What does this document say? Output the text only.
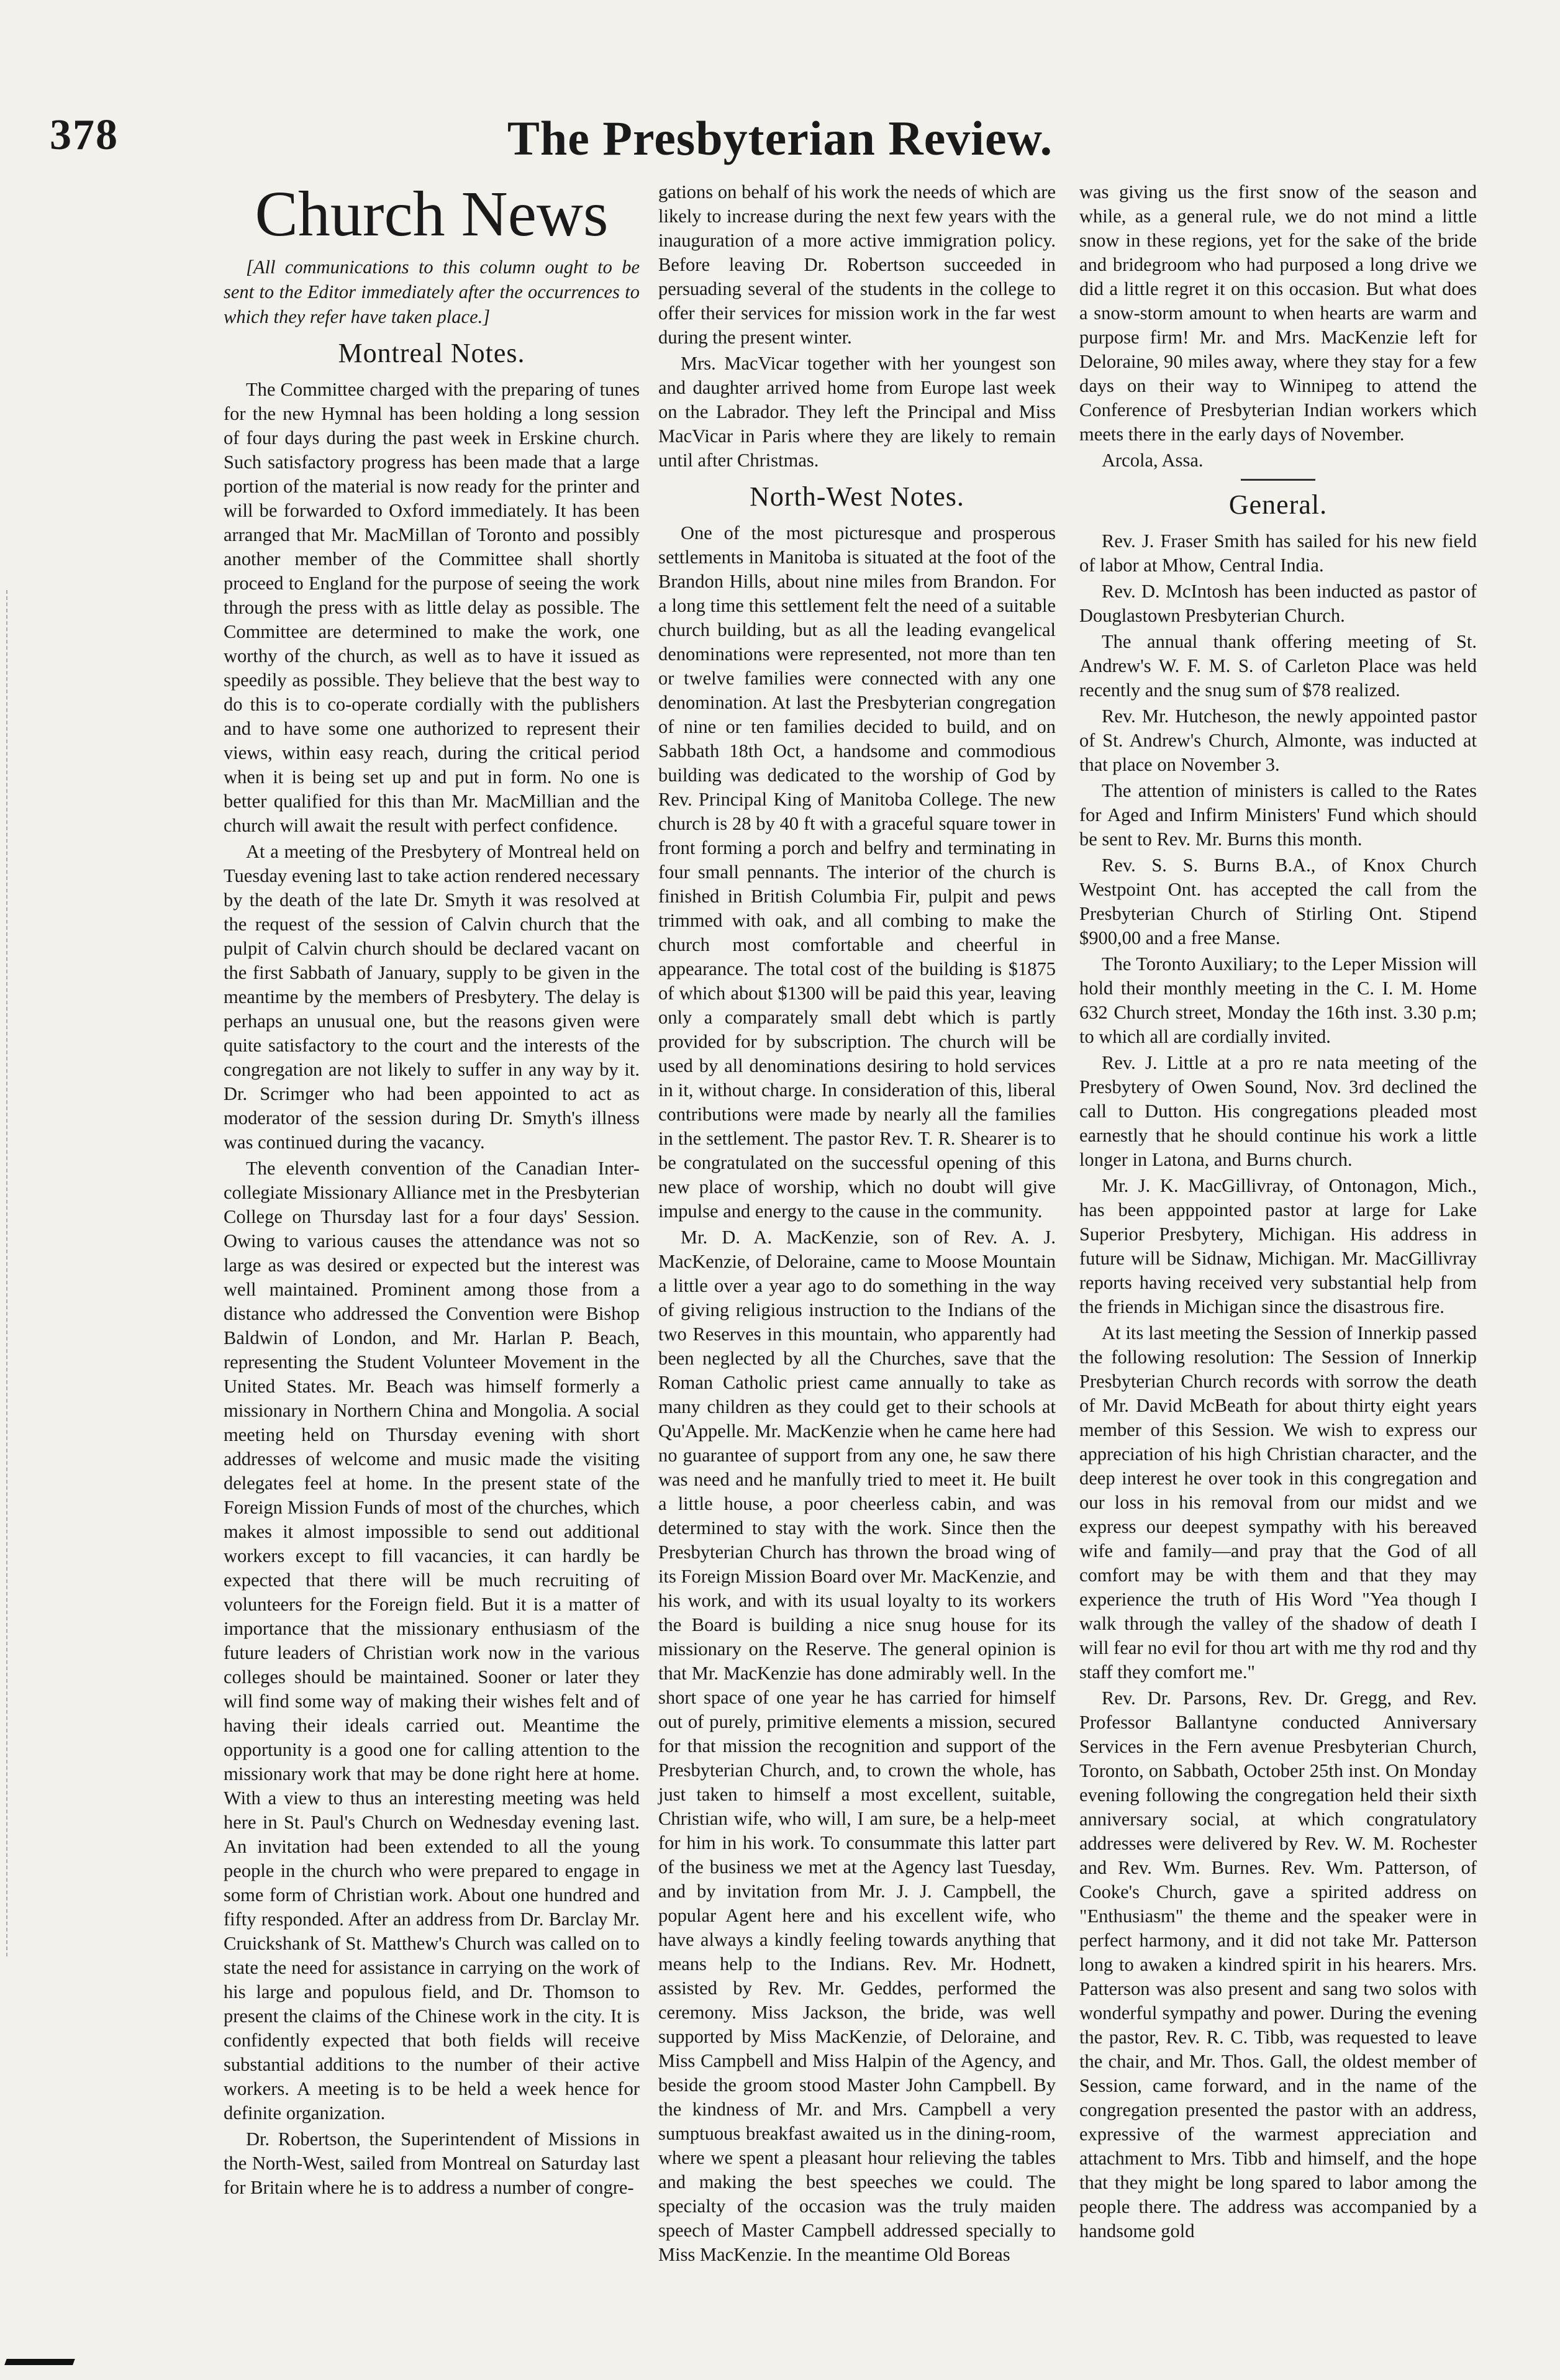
378	The Presbyterian Review.
Church News

[All communications to this column ought to be sent to the Editor immediately after the occurrences to which they refer have taken place.]

Montreal Notes.

The Committee charged with the preparing of tunes for the new Hymnal has been holding a long session of four days during the past week in Erskine church. Such satisfactory progress has been made that a large portion of the material is now ready for the printer and will be forwarded to Oxford immediately. It has been arranged that Mr. MacMillan of Toronto and possibly another member of the Committee shall shortly proceed to England for the purpose of seeing the work through the press with as little delay as possible. The Committee are determined to make the work, one worthy of the church, as well as to have it issued as speedily as possible. They believe that the best way to do this is to co-operate cordially with the publishers and to have some one authorized to represent their views, within easy reach, during the critical period when it is being set up and put in form. No one is better qualified for this than Mr. MacMillian and the church will await the result with perfect confidence.

At a meeting of the Presbytery of Montreal held on Tuesday evening last to take action rendered necessary by the death of the late Dr. Smyth it was resolved at the request of the session of Calvin church that the pulpit of Calvin church should be declared vacant on the first Sabbath of January, supply to be given in the meantime by the members of Presbytery. The delay is perhaps an unusual one, but the reasons given were quite satisfactory to the court and the interests of the congregation are not likely to suffer in any way by it. Dr. Scrimger who had been appointed to act as moderator of the session during Dr. Smyth's illness was continued during the vacancy.

The eleventh convention of the Canadian Inter-collegiate Missionary Alliance met in the Presbyterian College on Thursday last for a four days' Session. Owing to various causes the attendance was not so large as was desired or expected but the interest was well maintained. Prominent among those from a distance who addressed the Convention were Bishop Baldwin of London, and Mr. Harlan P. Beach, representing the Student Volunteer Movement in the United States. Mr. Beach was himself formerly a missionary in Northern China and Mongolia. A social meeting held on Thursday evening with short addresses of welcome and music made the visiting delegates feel at home. In the present state of the Foreign Mission Funds of most of the churches, which makes it almost impossible to send out additional workers except to fill vacancies, it can hardly be expected that there will be much recruiting of volunteers for the Foreign field. But it is a matter of importance that the missionary enthusiasm of the future leaders of Christian work now in the various colleges should be maintained. Sooner or later they will find some way of making their wishes felt and of having their ideals carried out. Meantime the opportunity is a good one for calling attention to the missionary work that may be done right here at home. With a view to thus an interesting meeting was held here in St. Paul's Church on Wednesday evening last. An invitation had been extended to all the young people in the church who were prepared to engage in some form of Christian work. About one hundred and fifty responded. After an address from Dr. Barclay Mr. Cruickshank of St. Matthew's Church was called on to state the need for assistance in carrying on the work of his large and populous field, and Dr. Thomson to present the claims of the Chinese work in the city. It is confidently expected that both fields will receive substantial additions to the number of their active workers. A meeting is to be held a week hence for definite organization.

Dr. Robertson, the Superintendent of Missions in the North-West, sailed from Montreal on Saturday last for Britain where he is to address a number of congre-

gations on behalf of his work the needs of which are likely to increase during the next few years with the inauguration of a more active immigration policy. Before leaving Dr. Robertson succeeded in persuading several of the students in the college to offer their services for mission work in the far west during the present winter.

Mrs. MacVicar together with her youngest son and daughter arrived home from Europe last week on the Labrador. They left the Principal and Miss MacVicar in Paris where they are likely to remain until after Christmas.

North-West Notes.

One of the most picturesque and prosperous settlements in Manitoba is situated at the foot of the Brandon Hills, about nine miles from Brandon. For a long time this settlement felt the need of a suitable church building, but as all the leading evangelical denominations were represented, not more than ten or twelve families were connected with any one denomination. At last the Presbyterian congregation of nine or ten families decided to build, and on Sabbath 18th Oct, a handsome and commodious building was dedicated to the worship of God by Rev. Principal King of Manitoba College. The new church is 28 by 40 ft with a graceful square tower in front forming a porch and belfry and terminating in four small pennants. The interior of the church is finished in British Columbia Fir, pulpit and pews trimmed with oak, and all combing to make the church most comfortable and cheerful in appearance. The total cost of the building is $1875 of which about $1300 will be paid this year, leaving only a comparately small debt which is partly provided for by subscription. The church will be used by all denominations desiring to hold services in it, without charge. In consideration of this, liberal contributions were made by nearly all the families in the settlement. The pastor Rev. T. R. Shearer is to be congratulated on the successful opening of this new place of worship, which no doubt will give impulse and energy to the cause in the community.

Mr. D. A. MacKenzie, son of Rev. A. J. MacKenzie, of Deloraine, came to Moose Mountain a little over a year ago to do something in the way of giving religious instruction to the Indians of the two Reserves in this mountain, who apparently had been neglected by all the Churches, save that the Roman Catholic priest came annually to take as many children as they could get to their schools at Qu'Appelle. Mr. MacKenzie when he came here had no guarantee of support from any one, he saw there was need and he manfully tried to meet it. He built a little house, a poor cheerless cabin, and was determined to stay with the work. Since then the Presbyterian Church has thrown the broad wing of its Foreign Mission Board over Mr. MacKenzie, and his work, and with its usual loyalty to its workers the Board is building a nice snug house for its missionary on the Reserve. The general opinion is that Mr. MacKenzie has done admirably well. In the short space of one year he has carried for himself out of purely, primitive elements a mission, secured for that mission the recognition and support of the Presbyterian Church, and, to crown the whole, has just taken to himself a most excellent, suitable, Christian wife, who will, I am sure, be a help-meet for him in his work. To consummate this latter part of the business we met at the Agency last Tuesday, and by invitation from Mr. J. J. Campbell, the popular Agent here and his excellent wife, who have always a kindly feeling towards anything that means help to the Indians. Rev. Mr. Hodnett, assisted by Rev. Mr. Geddes, performed the ceremony. Miss Jackson, the bride, was well supported by Miss MacKenzie, of Deloraine, and Miss Campbell and Miss Halpin of the Agency, and beside the groom stood Master John Campbell. By the kindness of Mr. and Mrs. Campbell a very sumptuous breakfast awaited us in the dining-room, where we spent a pleasant hour relieving the tables and making the best speeches we could. The specialty of the occasion was the truly maiden speech of Master Campbell addressed specially to Miss MacKenzie. In the meantime Old Boreas

was giving us the first snow of the season and while, as a general rule, we do not mind a little snow in these regions, yet for the sake of the bride and bridegroom who had purposed a long drive we did a little regret it on this occasion. But what does a snow-storm amount to when hearts are warm and purpose firm! Mr. and Mrs. MacKenzie left for Deloraine, 90 miles away, where they stay for a few days on their way to Winnipeg to attend the Conference of Presbyterian Indian workers which meets there in the early days of November.

Arcola, Assa.

General.

Rev. J. Fraser Smith has sailed for his new field of labor at Mhow, Central India.

Rev. D. McIntosh has been inducted as pastor of Douglastown Presbyterian Church.

The annual thank offering meeting of St. Andrew's W. F. M. S. of Carleton Place was held recently and the snug sum of $78 realized.

Rev. Mr. Hutcheson, the newly appointed pastor of St. Andrew's Church, Almonte, was inducted at that place on November 3.

The attention of ministers is called to the Rates for Aged and Infirm Ministers' Fund which should be sent to Rev. Mr. Burns this month.

Rev. S. S. Burns B.A., of Knox Church Westpoint Ont. has accepted the call from the Presbyterian Church of Stirling Ont. Stipend $900,00 and a free Manse.

The Toronto Auxiliary; to the Leper Mission will hold their monthly meeting in the C. I. M. Home 632 Church street, Monday the 16th inst. 3.30 p.m; to which all are cordially invited.

Rev. J. Little at a pro re nata meeting of the Presbytery of Owen Sound, Nov. 3rd declined the call to Dutton. His congregations pleaded most earnestly that he should continue his work a little longer in Latona, and Burns church.

Mr. J. K. MacGillivray, of Ontonagon, Mich., has been apppointed pastor at large for Lake Superior Presbytery, Michigan. His address in future will be Sidnaw, Michigan. Mr. MacGillivray reports having received very substantial help from the friends in Michigan since the disastrous fire.

At its last meeting the Session of Innerkip passed the following resolution: The Session of Innerkip Presbyterian Church records with sorrow the death of Mr. David McBeath for about thirty eight years member of this Session. We wish to express our appreciation of his high Christian character, and the deep interest he over took in this congregation and our loss in his removal from our midst and we express our deepest sympathy with his bereaved wife and family—and pray that the God of all comfort may be with them and that they may experience the truth of His Word "Yea though I walk through the valley of the shadow of death I will fear no evil for thou art with me thy rod and thy staff they comfort me."

Rev. Dr. Parsons, Rev. Dr. Gregg, and Rev. Professor Ballantyne conducted Anniversary Services in the Fern avenue Presbyterian Church, Toronto, on Sabbath, October 25th inst. On Monday evening following the congregation held their sixth anniversary social, at which congratulatory addresses were delivered by Rev. W. M. Rochester and Rev. Wm. Burnes. Rev. Wm. Patterson, of Cooke's Church, gave a spirited address on "Enthusiasm" the theme and the speaker were in perfect harmony, and it did not take Mr. Patterson long to awaken a kindred spirit in his hearers. Mrs. Patterson was also present and sang two solos with wonderful sympathy and power. During the evening the pastor, Rev. R. C. Tibb, was requested to leave the chair, and Mr. Thos. Gall, the oldest member of Session, came forward, and in the name of the congregation presented the pastor with an address, expressive of the warmest appreciation and attachment to Mrs. Tibb and himself, and the hope that they might be long spared to labor among the people there. The address was accompanied by a handsome gold
